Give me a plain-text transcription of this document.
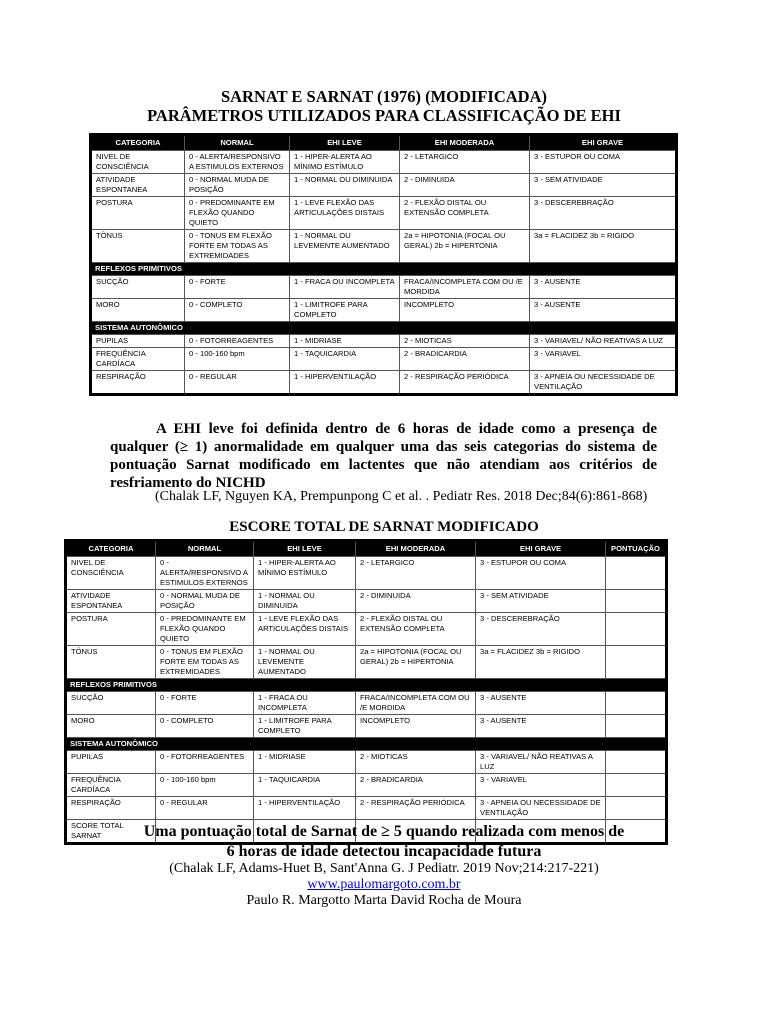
SARNAT E SARNAT (1976) (MODIFICADA)
PARÂMETROS UTILIZADOS PARA CLASSIFICAÇÃO DE EHI
CATEGORIA	NORMAL	EHI LEVE	EHI MODERADA	EHI GRAVE
NIVEL DE CONSCIÊNCIA	0 - ALERTA/RESPONSIVO A ESTIMULOS EXTERNOS	1 - HIPER-ALERTA AO MÍNIMO ESTÍMULO	2 - LETARGICO	3 - ESTUPOR OU COMA
ATIVIDADE ESPONTANEA	0 - NORMAL MUDA DE POSIÇÃO	1 - NORMAL OU DIMINUIDA	2 - DIMINUIDA	3 - SEM ATIVIDADE
POSTURA	0 - PREDOMINANTE EM FLEXÃO QUANDO QUIETO	1 - LEVE FLEXÃO DAS ARTICULAÇÕES DISTAIS	2 - FLEXÃO DISTAL OU EXTENSÃO COMPLETA	3 - DESCEREBRAÇÃO
TÔNUS	0 - TONUS EM FLEXÃO FORTE EM TODAS AS EXTREMIDADES	1 - NORMAL OU LEVEMENTE AUMENTADO	2a = HIPOTONIA (FOCAL OU GERAL) 2b = HIPERTONIA	3a = FLACIDEZ 3b = RIGIDO
REFLEXOS PRIMITIVOS				
SUCÇÃO	0 - FORTE	1 - FRACA OU INCOMPLETA	FRACA/INCOMPLETA COM OU /E MORDIDA	3 - AUSENTE
MORO	0 - COMPLETO	1 - LIMITROFE PARA COMPLETO	INCOMPLETO	3 - AUSENTE
SISTEMA AUTONÔMICO				
PUPILAS	0 - FOTORREAGENTES	1 - MIDRIASE	2 - MIOTICAS	3 - VARIAVEL/ NÃO REATIVAS A LUZ
FREQUÊNCIA CARDÍACA	0 - 100-160 bpm	1 - TAQUICARDIA	2 - BRADICARDIA	3 - VARIAVEL
RESPIRAÇÃO	0 - REGULAR	1 - HIPERVENTILAÇÃO	2 - RESPIRAÇÃO PERIÓDICA	3 - APNEIA OU NECESSIDADE DE VENTILAÇÃO
A EHI leve foi definida dentro de 6 horas de idade como a presença de qualquer (≥ 1) anormalidade em qualquer uma das seis categorias do sistema de pontuação Sarnat modificado em lactentes que não atendiam aos critérios de resfriamento do NICHD
(Chalak LF, Nguyen KA, Prempunpong C et al. . Pediatr Res. 2018 Dec;84(6):861-868)
ESCORE TOTAL DE SARNAT MODIFICADO
CATEGORIA	NORMAL	EHI LEVE	EHI MODERADA	EHI GRAVE	PONTUAÇÃO
NIVEL DE CONSCIÊNCIA	0 - ALERTA/RESPONSIVO A ESTIMULOS EXTERNOS	1 - HIPER-ALERTA AO MÍNIMO ESTÍMULO	2 - LETARGICO	3 - ESTUPOR OU COMA	
ATIVIDADE ESPONTANEA	0 - NORMAL MUDA DE POSIÇÃO	1 - NORMAL OU DIMINUIDA	2 - DIMINUIDA	3 - SEM ATIVIDADE	
POSTURA	0 - PREDOMINANTE EM FLEXÃO QUANDO QUIETO	1 - LEVE FLEXÃO DAS ARTICULAÇÕES DISTAIS	2 - FLEXÃO DISTAL OU EXTENSÃO COMPLETA	3 - DESCEREBRAÇÃO	
TÔNUS	0 - TONUS EM FLEXÃO FORTE EM TODAS AS EXTREMIDADES	1 - NORMAL OU LEVEMENTE AUMENTADO	2a = HIPOTONIA (FOCAL OU GERAL) 2b = HIPERTONIA	3a = FLACIDEZ 3b = RIGIDO	
REFLEXOS PRIMITIVOS					
SUCÇÃO	0 - FORTE	1 - FRACA OU INCOMPLETA	FRACA/INCOMPLETA COM OU /E MORDIDA	3 - AUSENTE	
MORO	0 - COMPLETO	1 - LIMITROFE PARA COMPLETO	INCOMPLETO	3 - AUSENTE	
SISTEMA AUTONÔMICO					
PUPILAS	0 - FOTORREAGENTES	1 - MIDRIASE	2 - MIOTICAS	3 - VARIAVEL/ NÃO REATIVAS A LUZ	
FREQUÊNCIA CARDÍACA	0 - 100-160 bpm	1 - TAQUICARDIA	2 - BRADICARDIA	3 - VARIAVEL	
RESPIRAÇÃO	0 - REGULAR	1 - HIPERVENTILAÇÃO	2 - RESPIRAÇÃO PERIÓDICA	3 - APNEIA OU NECESSIDADE DE VENTILAÇÃO	
SCORE TOTAL SARNAT						Uma pontuação total de Sarnat de ≥ 5 quando realizada com menos de
6 horas de idade detectou incapacidade futura
(Chalak LF, Adams-Huet B, Sant'Anna G. J Pediatr. 2019 Nov;214:217-221)
www.paulomargoto.com.br
Paulo R. Margotto Marta David Rocha de Moura
